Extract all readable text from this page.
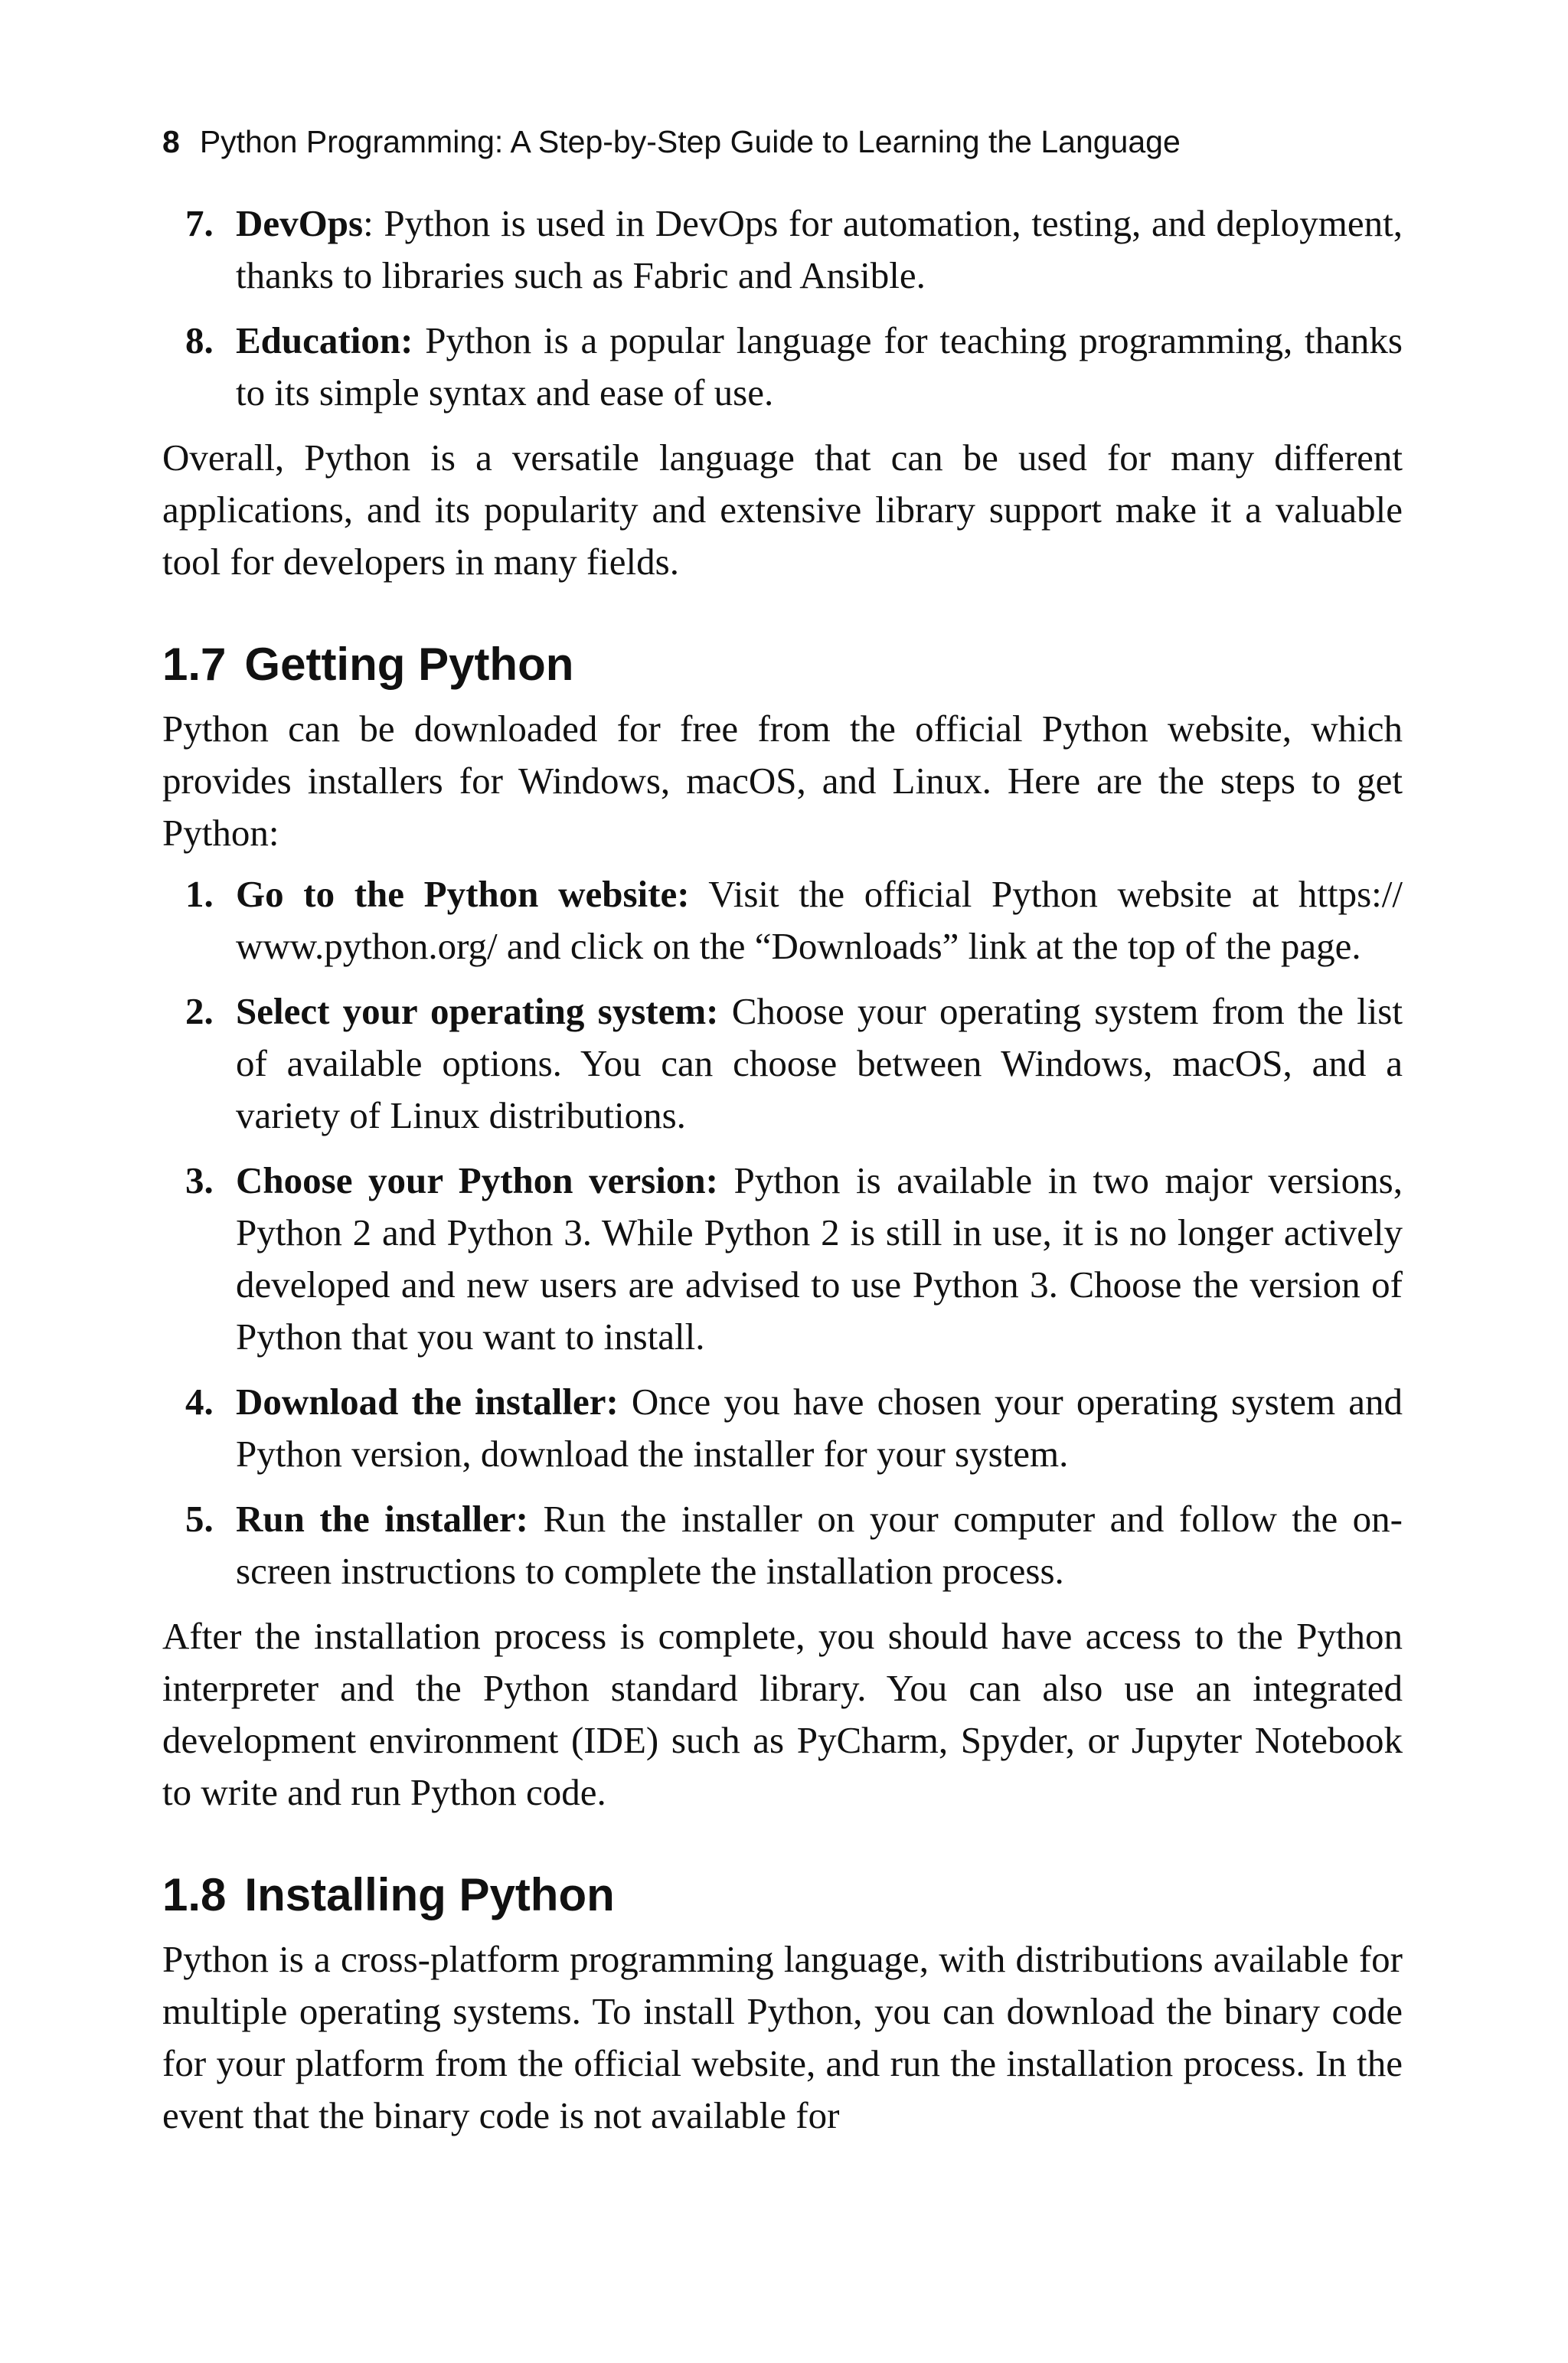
8 Python Programming: A Step-by-Step Guide to Learning the Language
7. DevOps: Python is used in DevOps for automation, testing, and deployment, thanks to libraries such as Fabric and Ansible.
8. Education: Python is a popular language for teaching programming, thanks to its simple syntax and ease of use.

Overall, Python is a versatile language that can be used for many different applications, and its popularity and extensive library support make it a valuable tool for developers in many fields.

1.7 Getting Python

Python can be downloaded for free from the official Python website, which provides installers for Windows, macOS, and Linux. Here are the steps to get Python:

1. Go to the Python website: Visit the official Python website at https:// www.python.org/ and click on the “Downloads” link at the top of the page.
2. Select your operating system: Choose your operating system from the list of available options. You can choose between Windows, macOS, and a variety of Linux distributions.
3. Choose your Python version: Python is available in two major versions, Python 2 and Python 3. While Python 2 is still in use, it is no longer actively developed and new users are advised to use Python 3. Choose the version of Python that you want to install.
4. Download the installer: Once you have chosen your operating system and Python version, download the installer for your system.
5. Run the installer: Run the installer on your computer and follow the on-screen instructions to complete the installation process.

After the installation process is complete, you should have access to the Python interpreter and the Python standard library. You can also use an integrated development environment (IDE) such as PyCharm, Spyder, or Jupyter Notebook to write and run Python code.

1.8 Installing Python

Python is a cross-platform programming language, with distributions available for multiple operating systems. To install Python, you can download the binary code for your platform from the official website, and run the installation process. In the event that the binary code is not available for
